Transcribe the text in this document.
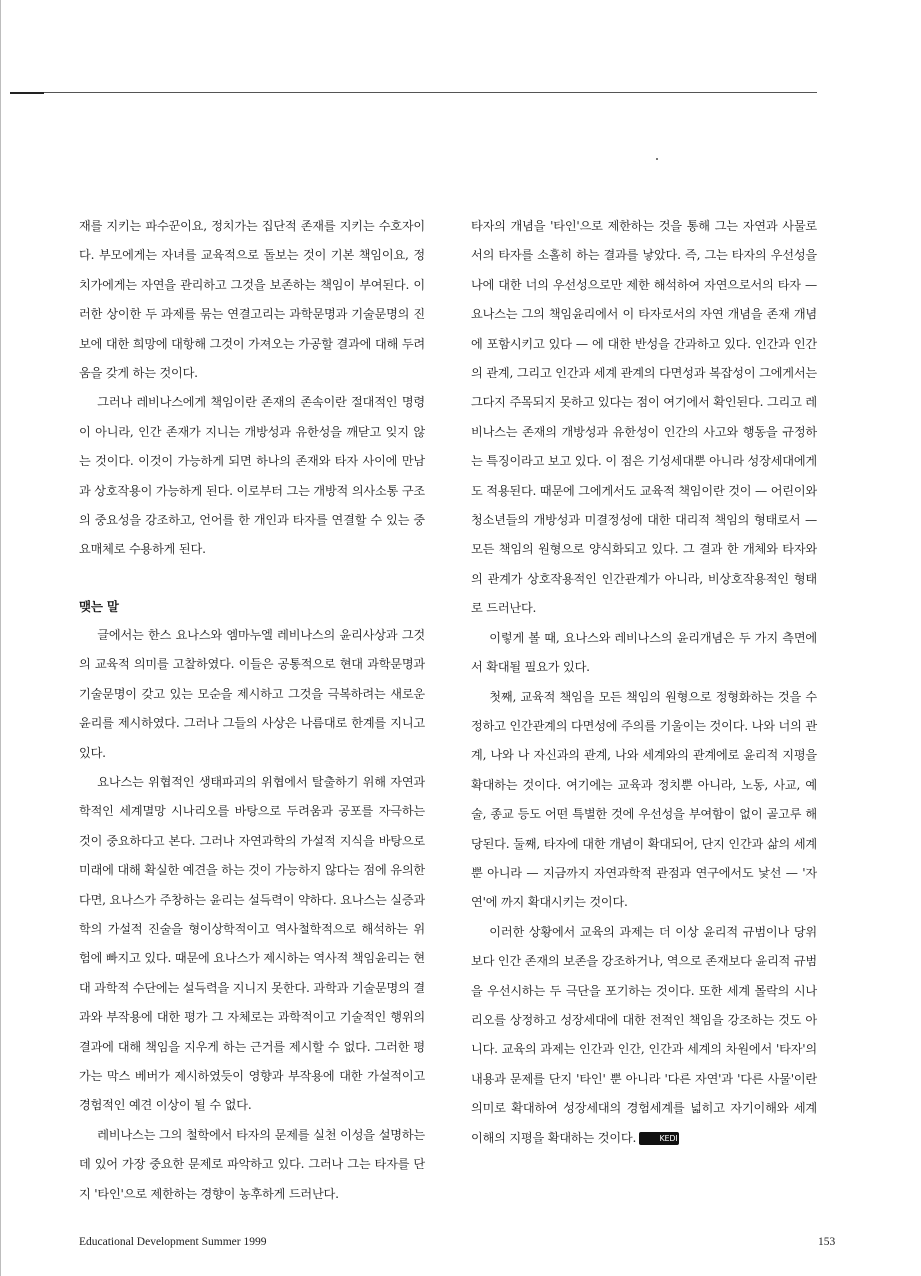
재를 지키는 파수꾼이요, 정치가는 집단적 존재를 지키는 수호자이다. 부모에게는 자녀를 교육적으로 돌보는 것이 기본 책임이요, 정치가에게는 자연을 관리하고 그것을 보존하는 책임이 부여된다. 이러한 상이한 두 과제를 묶는 연결고리는 과학문명과 기술문명의 진보에 대한 희망에 대항해 그것이 가져오는 가공할 결과에 대해 두려움을 갖게 하는 것이다.

그러나 레비나스에게 책임이란 존재의 존속이란 절대적인 명령이 아니라, 인간 존재가 지니는 개방성과 유한성을 깨닫고 잊지 않는 것이다. 이것이 가능하게 되면 하나의 존재와 타자 사이에 만남과 상호작용이 가능하게 된다. 이로부터 그는 개방적 의사소통 구조의 중요성을 강조하고, 언어를 한 개인과 타자를 연결할 수 있는 중요매체로 수용하게 된다.

맺는 말

글에서는 한스 요나스와 엠마누엘 레비나스의 윤리사상과 그것의 교육적 의미를 고찰하였다. 이들은 공통적으로 현대 과학문명과 기술문명이 갖고 있는 모순을 제시하고 그것을 극복하려는 새로운 윤리를 제시하였다. 그러나 그들의 사상은 나름대로 한계를 지니고 있다.

요나스는 위협적인 생태파괴의 위협에서 탈출하기 위해 자연과학적인 세계멸망 시나리오를 바탕으로 두려움과 공포를 자극하는 것이 중요하다고 본다. 그러나 자연과학의 가설적 지식을 바탕으로 미래에 대해 확실한 예견을 하는 것이 가능하지 않다는 점에 유의한다면, 요나스가 주창하는 윤리는 설득력이 약하다. 요나스는 실증과학의 가설적 진술을 형이상학적이고 역사철학적으로 해석하는 위험에 빠지고 있다. 때문에 요나스가 제시하는 역사적 책임윤리는 현대 과학적 수단에는 설득력을 지니지 못한다. 과학과 기술문명의 결과와 부작용에 대한 평가 그 자체로는 과학적이고 기술적인 행위의 결과에 대해 책임을 지우게 하는 근거를 제시할 수 없다. 그러한 평가는 막스 베버가 제시하였듯이 영향과 부작용에 대한 가설적이고 경험적인 예견 이상이 될 수 없다.

레비나스는 그의 철학에서 타자의 문제를 실천 이성을 설명하는데 있어 가장 중요한 문제로 파악하고 있다. 그러나 그는 타자를 단지 '타인'으로 제한하는 경향이 농후하게 드러난다.

타자의 개념을 '타인'으로 제한하는 것을 통해 그는 자연과 사물로서의 타자를 소홀히 하는 결과를 낳았다. 즉, 그는 타자의 우선성을 나에 대한 너의 우선성으로만 제한 해석하여 자연으로서의 타자 — 요나스는 그의 책임윤리에서 이 타자로서의 자연 개념을 존재 개념에 포함시키고 있다 — 에 대한 반성을 간과하고 있다. 인간과 인간의 관계, 그리고 인간과 세계 관계의 다면성과 복잡성이 그에게서는 그다지 주목되지 못하고 있다는 점이 여기에서 확인된다. 그리고 레비나스는 존재의 개방성과 유한성이 인간의 사고와 행동을 규정하는 특징이라고 보고 있다. 이 점은 기성세대뿐 아니라 성장세대에게도 적용된다. 때문에 그에게서도 교육적 책임이란 것이 — 어린이와 청소년들의 개방성과 미결정성에 대한 대리적 책임의 형태로서 — 모든 책임의 원형으로 양식화되고 있다. 그 결과 한 개체와 타자와의 관계가 상호작용적인 인간관계가 아니라, 비상호작용적인 형태로 드러난다.

이렇게 볼 때, 요나스와 레비나스의 윤리개념은 두 가지 측면에서 확대될 필요가 있다.

첫째, 교육적 책임을 모든 책임의 원형으로 정형화하는 것을 수정하고 인간관계의 다면성에 주의를 기울이는 것이다. 나와 너의 관계, 나와 나 자신과의 관계, 나와 세계와의 관계에로 윤리적 지평을 확대하는 것이다. 여기에는 교육과 정치뿐 아니라, 노동, 사교, 예술, 종교 등도 어떤 특별한 것에 우선성을 부여함이 없이 골고루 해당된다. 둘째, 타자에 대한 개념이 확대되어, 단지 인간과 삶의 세계뿐 아니라 — 지금까지 자연과학적 관점과 연구에서도 낯선 — '자연'에 까지 확대시키는 것이다.

이러한 상황에서 교육의 과제는 더 이상 윤리적 규범이나 당위보다 인간 존재의 보존을 강조하거나, 역으로 존재보다 윤리적 규범을 우선시하는 두 극단을 포기하는 것이다. 또한 세계 몰락의 시나리오를 상정하고 성장세대에 대한 전적인 책임을 강조하는 것도 아니다. 교육의 과제는 인간과 인간, 인간과 세계의 차원에서 '타자'의 내용과 문제를 단지 '타인' 뿐 아니라 '다른 자연'과 '다른 사물'이란 의미로 확대하여 성장세대의 경험세계를 넓히고 자기이해와 세계이해의 지평을 확대하는 것이다.	KEDI

Educational Development Summer 1999	153
